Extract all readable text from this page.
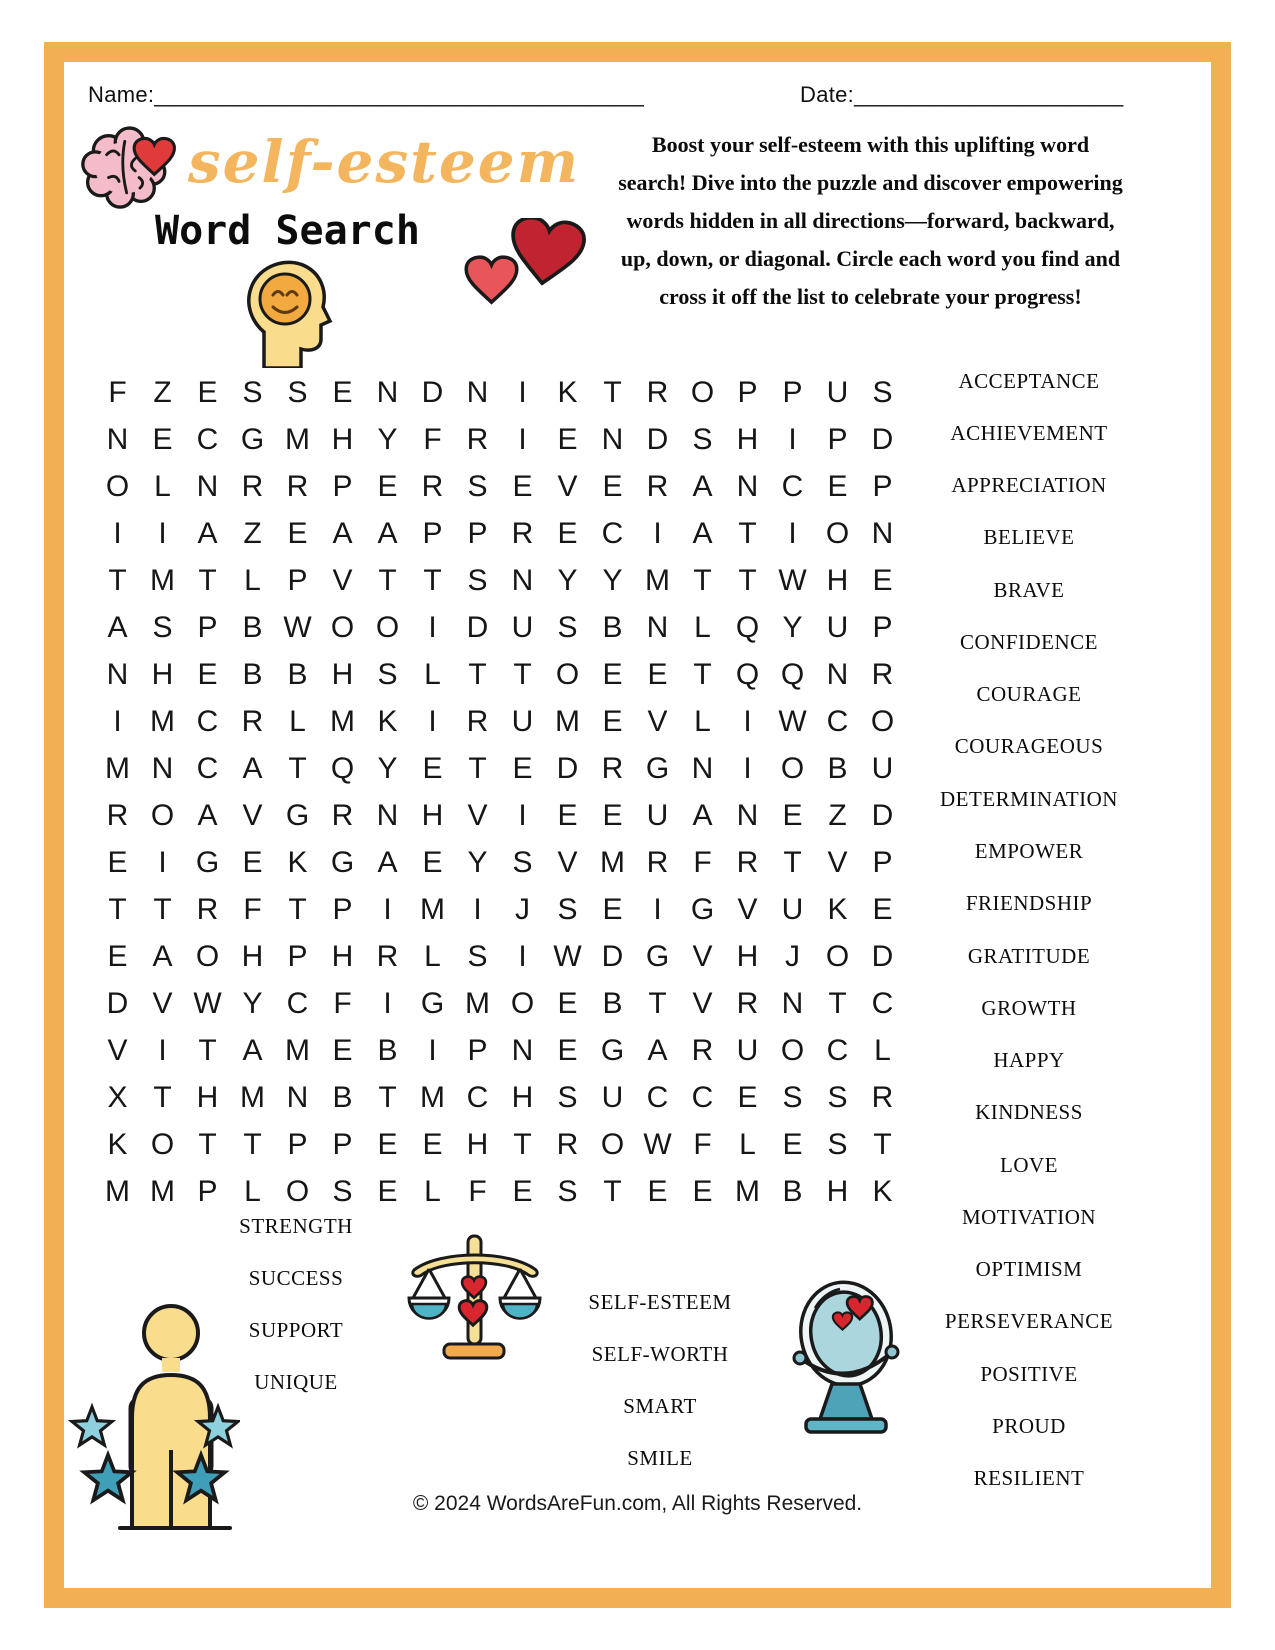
Name:________________________________________	Date:______________________
self-esteem
Word Search
F Z E S S E N D N	I	K T R O P P U S
N E C G M H Y F R	I	E N D S H	I	P D
O L N R R P E R S E V E R A N C E P
I	I	A Z E A A P P R E C	I	A T	I O N
T M T L P V T T S N Y Y M T T W H E
A S P B W O O I D U S B N L Q Y U P
N H E B B H S L T T O E E T Q Q N R
I M C R L M K	I R U M E V L	I W C O
M N C A T Q Y E T E D R G N	I O B U
R O A V G R N H V	I	E E U A N E Z D
E	I G E K G A E Y S V M R F R T V P
T T R F T P	I M I	J S E	I G V U K E
E A O H P H R L S	I W D G V H J O D
D V W Y C F	I G M O E B T V R N T C
V	I	T A M E B	I	P N E G A R U O C L
X T H M N B T M C H S U C C E S S R
K O T T P P E E H T R O W F L E S T
M M P L O S E L F E S T E E M B H K
ACCEPTANCE
ACHIEVEMENT
APPRECIATION
BELIEVE
BRAVE
CONFIDENCE
COURAGE
COURAGEOUS
DETERMINATION
EMPOWER
FRIENDSHIP
GRATITUDE
GROWTH
HAPPY
KINDNESS
LOVE
MOTIVATION
OPTIMISM
PERSEVERANCE
POSITIVE
PROUD
RESILIENT
STRENGTH
SUCCESS
SUPPORT
UNIQUE
SELF-ESTEEM
SELF-WORTH
SMART
SMILE
Boost your self-esteem with this uplifting word search! Dive into the puzzle and discover empowering words hidden in all directions—forward, backward, up, down, or diagonal. Circle each word you find and cross it off the list to celebrate your progress!
© 2024 WordsAreFun.com, All Rights Reserved.
